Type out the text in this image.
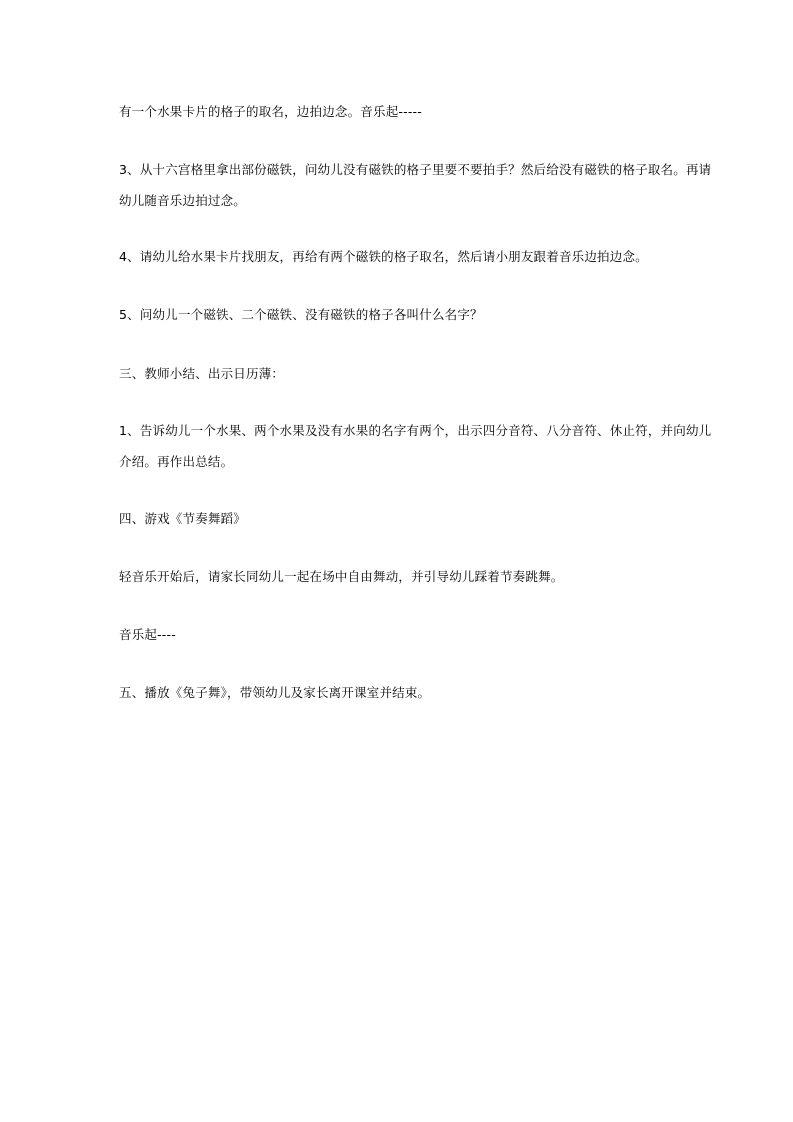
有一个水果卡片的格子的取名，边拍边念。音乐起-----
3、从十六宫格里拿出部份磁铁，问幼儿没有磁铁的格子里要不要拍手？然后给没有磁铁的格子取名。再请
幼儿随音乐边拍过念。
4、请幼儿给水果卡片找朋友，再给有两个磁铁的格子取名，然后请小朋友跟着音乐边拍边念。
5、问幼儿一个磁铁、二个磁铁、没有磁铁的格子各叫什么名字？
三、教师小结、出示日历薄：
1、告诉幼儿一个水果、两个水果及没有水果的名字有两个，出示四分音符、八分音符、休止符，并向幼儿
介绍。再作出总结。
四、游戏《节奏舞蹈》
轻音乐开始后，请家长同幼儿一起在场中自由舞动，并引导幼儿踩着节奏跳舞。
音乐起----
五、播放《兔子舞》，带领幼儿及家长离开课室并结束。
